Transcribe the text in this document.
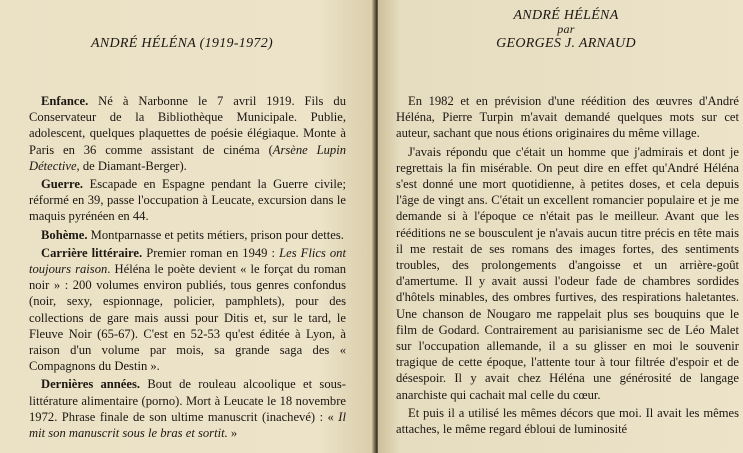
ANDRÉ HÉLÉNA (1919-1972)

Enfance. Né à Narbonne le 7 avril 1919. Fils du Conservateur de la Bibliothèque Municipale. Publie, adolescent, quelques plaquettes de poésie élégiaque. Monte à Paris en 36 comme assistant de cinéma (Arsène Lupin Détective, de Diamant-Berger).

Guerre. Escapade en Espagne pendant la Guerre civile; réformé en 39, passe l'occupation à Leucate, excursion dans le maquis pyrénéen en 44.

Bohème. Montparnasse et petits métiers, prison pour dettes.

Carrière littéraire. Premier roman en 1949 : Les Flics ont toujours raison. Héléna le poète devient « le forçat du roman noir » : 200 volumes environ publiés, tous genres confondus (noir, sexy, espionnage, policier, pamphlets), pour des collections de gare mais aussi pour Ditis et, sur le tard, le Fleuve Noir (65-67). C'est en 52-53 qu'est éditée à Lyon, à raison d'un volume par mois, sa grande saga des « Compagnons du Destin ».

Dernières années. Bout de rouleau alcoolique et sous-littérature alimentaire (porno). Mort à Leucate le 18 novembre 1972. Phrase finale de son ultime manuscrit (inachevé) : « Il mit son manuscrit sous le bras et sortit. »

ANDRÉ HÉLÉNA
par
GEORGES J. ARNAUD

En 1982 et en prévision d'une réédition des œuvres d'André Héléna, Pierre Turpin m'avait demandé quelques mots sur cet auteur, sachant que nous étions originaires du même village.

J'avais répondu que c'était un homme que j'admirais et dont je regrettais la fin misérable. On peut dire en effet qu'André Héléna s'est donné une mort quotidienne, à petites doses, et cela depuis l'âge de vingt ans. C'était un excellent romancier populaire et je me demande si à l'époque ce n'était pas le meilleur. Avant que les rééditions ne se bousculent je n'avais aucun titre précis en tête mais il me restait de ses romans des images fortes, des sentiments troubles, des prolongements d'angoisse et un arrière-goût d'amertume. Il y avait aussi l'odeur fade de chambres sordides d'hôtels minables, des ombres furtives, des respirations haletantes. Une chanson de Nougaro me rappelait plus ses bouquins que le film de Godard. Contrairement au parisianisme sec de Léo Malet sur l'occupation allemande, il a su glisser en moi le souvenir tragique de cette époque, l'attente tour à tour filtrée d'espoir et de désespoir. Il y avait chez Héléna une générosité de langage anarchiste qui cachait mal celle du cœur.

Et puis il a utilisé les mêmes décors que moi. Il avait les mêmes attaches, le même regard ébloui de luminosité
